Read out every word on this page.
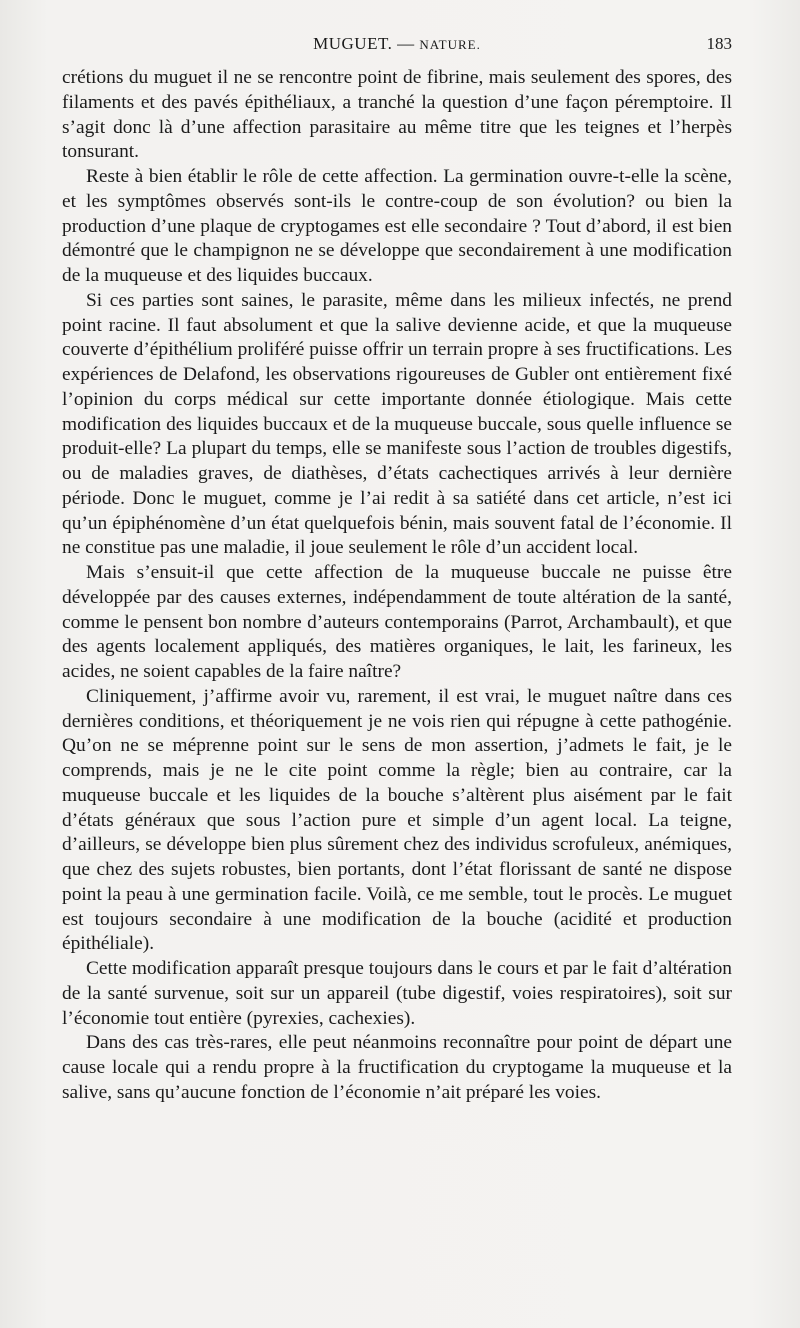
MUGUET. — NATURE.	183

crétions du muguet il ne se rencontre point de fibrine, mais seulement des spores, des filaments et des pavés épithéliaux, a tranché la question d’une façon péremptoire. Il s’agit donc là d’une affection parasitaire au même titre que les teignes et l’herpès tonsurant.

Reste à bien établir le rôle de cette affection. La germination ouvre-t-elle la scène, et les symptômes observés sont-ils le contre-coup de son évolution? ou bien la production d’une plaque de cryptogames est elle secondaire ? Tout d’abord, il est bien démontré que le champignon ne se développe que secondairement à une modification de la muqueuse et des liquides buccaux.

Si ces parties sont saines, le parasite, même dans les milieux infectés, ne prend point racine. Il faut absolument et que la salive devienne acide, et que la muqueuse couverte d’épithélium proliféré puisse offrir un terrain propre à ses fructifications. Les expériences de Delafond, les observations rigoureuses de Gubler ont entièrement fixé l’opinion du corps médical sur cette importante donnée étiologique. Mais cette modification des liquides buccaux et de la muqueuse buccale, sous quelle influence se produit-elle? La plupart du temps, elle se manifeste sous l’action de troubles digestifs, ou de maladies graves, de diathèses, d’états cachectiques arrivés à leur dernière période. Donc le muguet, comme je l’ai redit à sa satiété dans cet article, n’est ici qu’un épiphénomène d’un état quelquefois bénin, mais souvent fatal de l’économie. Il ne constitue pas une maladie, il joue seulement le rôle d’un accident local.

Mais s’ensuit-il que cette affection de la muqueuse buccale ne puisse être développée par des causes externes, indépendamment de toute altération de la santé, comme le pensent bon nombre d’auteurs contemporains (Parrot, Archambault), et que des agents localement appliqués, des matières organiques, le lait, les farineux, les acides, ne soient capables de la faire naître?

Cliniquement, j’affirme avoir vu, rarement, il est vrai, le muguet naître dans ces dernières conditions, et théoriquement je ne vois rien qui répugne à cette pathogénie. Qu’on ne se méprenne point sur le sens de mon assertion, j’admets le fait, je le comprends, mais je ne le cite point comme la règle; bien au contraire, car la muqueuse buccale et les liquides de la bouche s’altèrent plus aisément par le fait d’états généraux que sous l’action pure et simple d’un agent local. La teigne, d’ailleurs, se développe bien plus sûrement chez des individus scrofuleux, anémiques, que chez des sujets robustes, bien portants, dont l’état florissant de santé ne dispose point la peau à une germination facile. Voilà, ce me semble, tout le procès. Le muguet est toujours secondaire à une modification de la bouche (acidité et production épithéliale).

Cette modification apparaît presque toujours dans le cours et par le fait d’altération de la santé survenue, soit sur un appareil (tube digestif, voies respiratoires), soit sur l’économie tout entière (pyrexies, cachexies).

Dans des cas très-rares, elle peut néanmoins reconnaître pour point de départ une cause locale qui a rendu propre à la fructification du cryptogame la muqueuse et la salive, sans qu’aucune fonction de l’économie n’ait préparé les voies.
